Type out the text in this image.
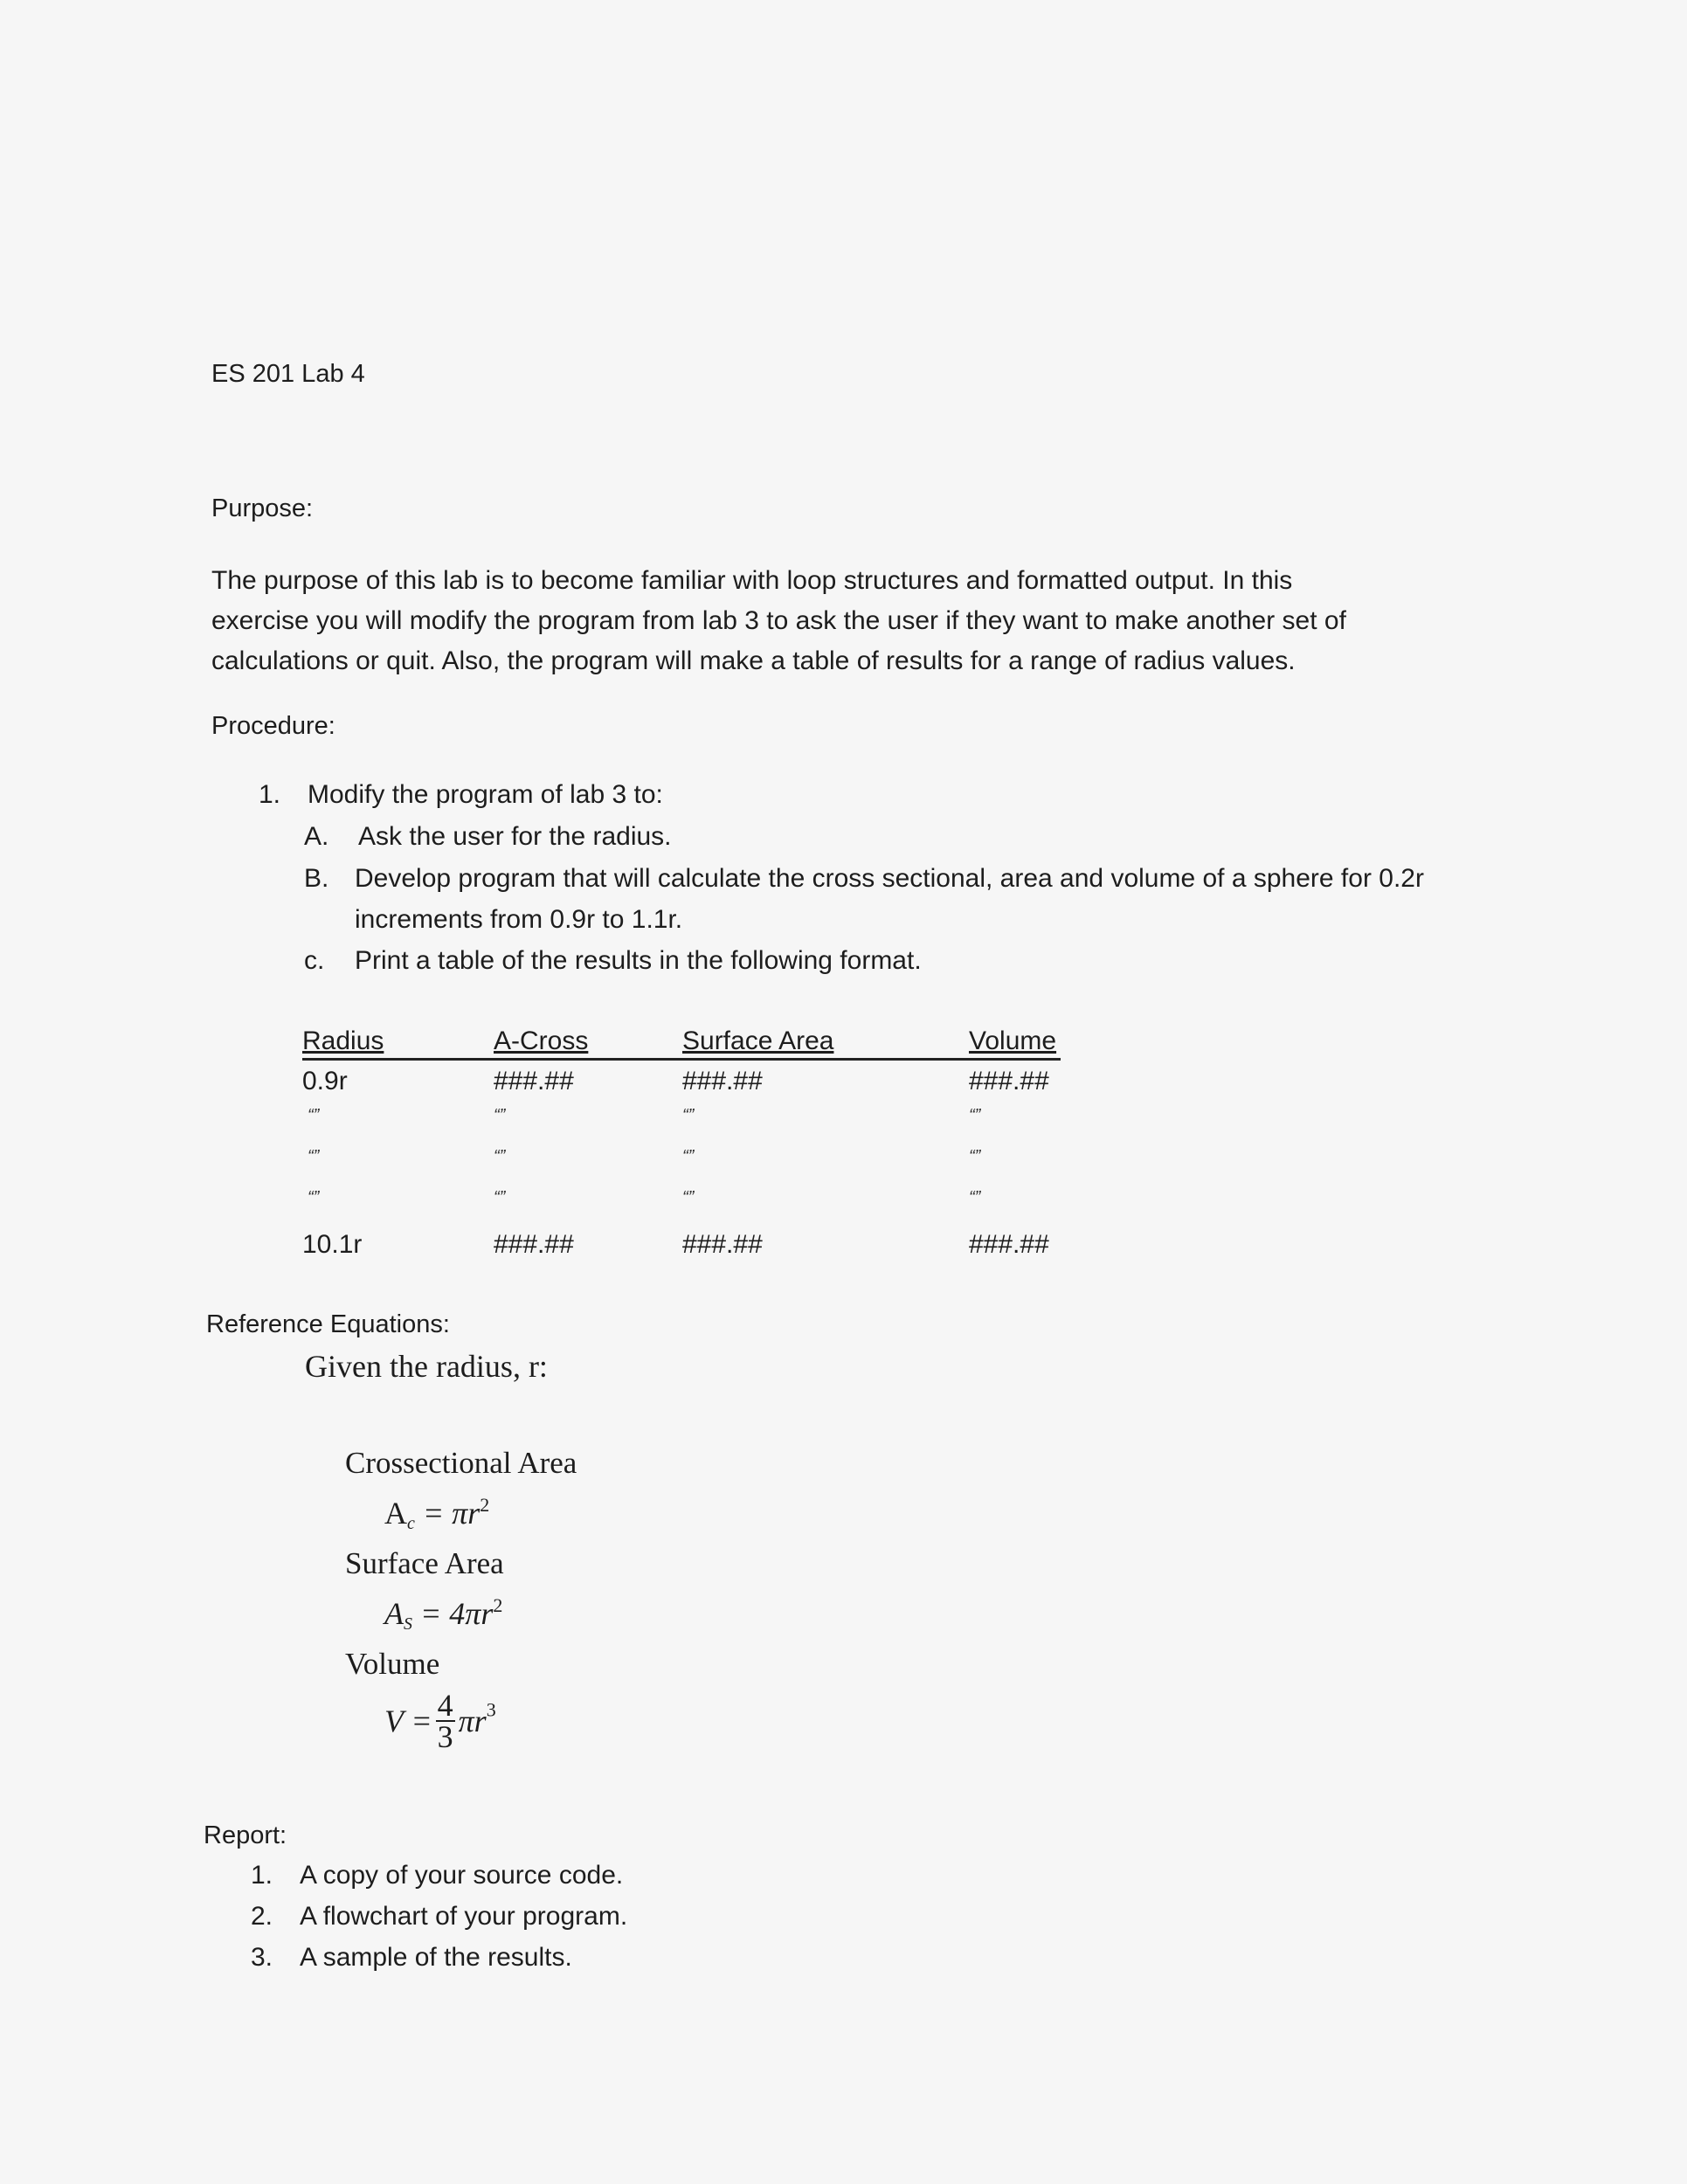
ES 201 Lab 4
Purpose:
The purpose of this lab is to become familiar with loop structures and formatted output. In this
exercise you will modify the program from lab 3 to ask the user if they want to make another set of
calculations or quit. Also, the program will make a table of results for a range of radius values.
Procedure:
1. Modify the program of lab 3 to:
A. Ask the user for the radius.
B. Develop program that will calculate the cross sectional, area and volume of a sphere for 0.2r
increments from 0.9r to 1.1r.
c. Print a table of the results in the following format.
Radius	A-Cross	Surface Area	Volume
0.9r	###.##	###.##	###.##
“”	“”	“”	“”
“”	“”	“”	“”
“”	“”	“”	“”
10.1r	###.##	###.##	###.##
Reference Equations:
Given the radius, r:
Crossectional Area
$A_c = \pi r^2$
Surface Area
$A_S = 4\pi r^2$
Volume
$V = \frac{4}{3} \pi r^3$
Report:
1. A copy of your source code.
2. A flowchart of your program.
3. A sample of the results.
